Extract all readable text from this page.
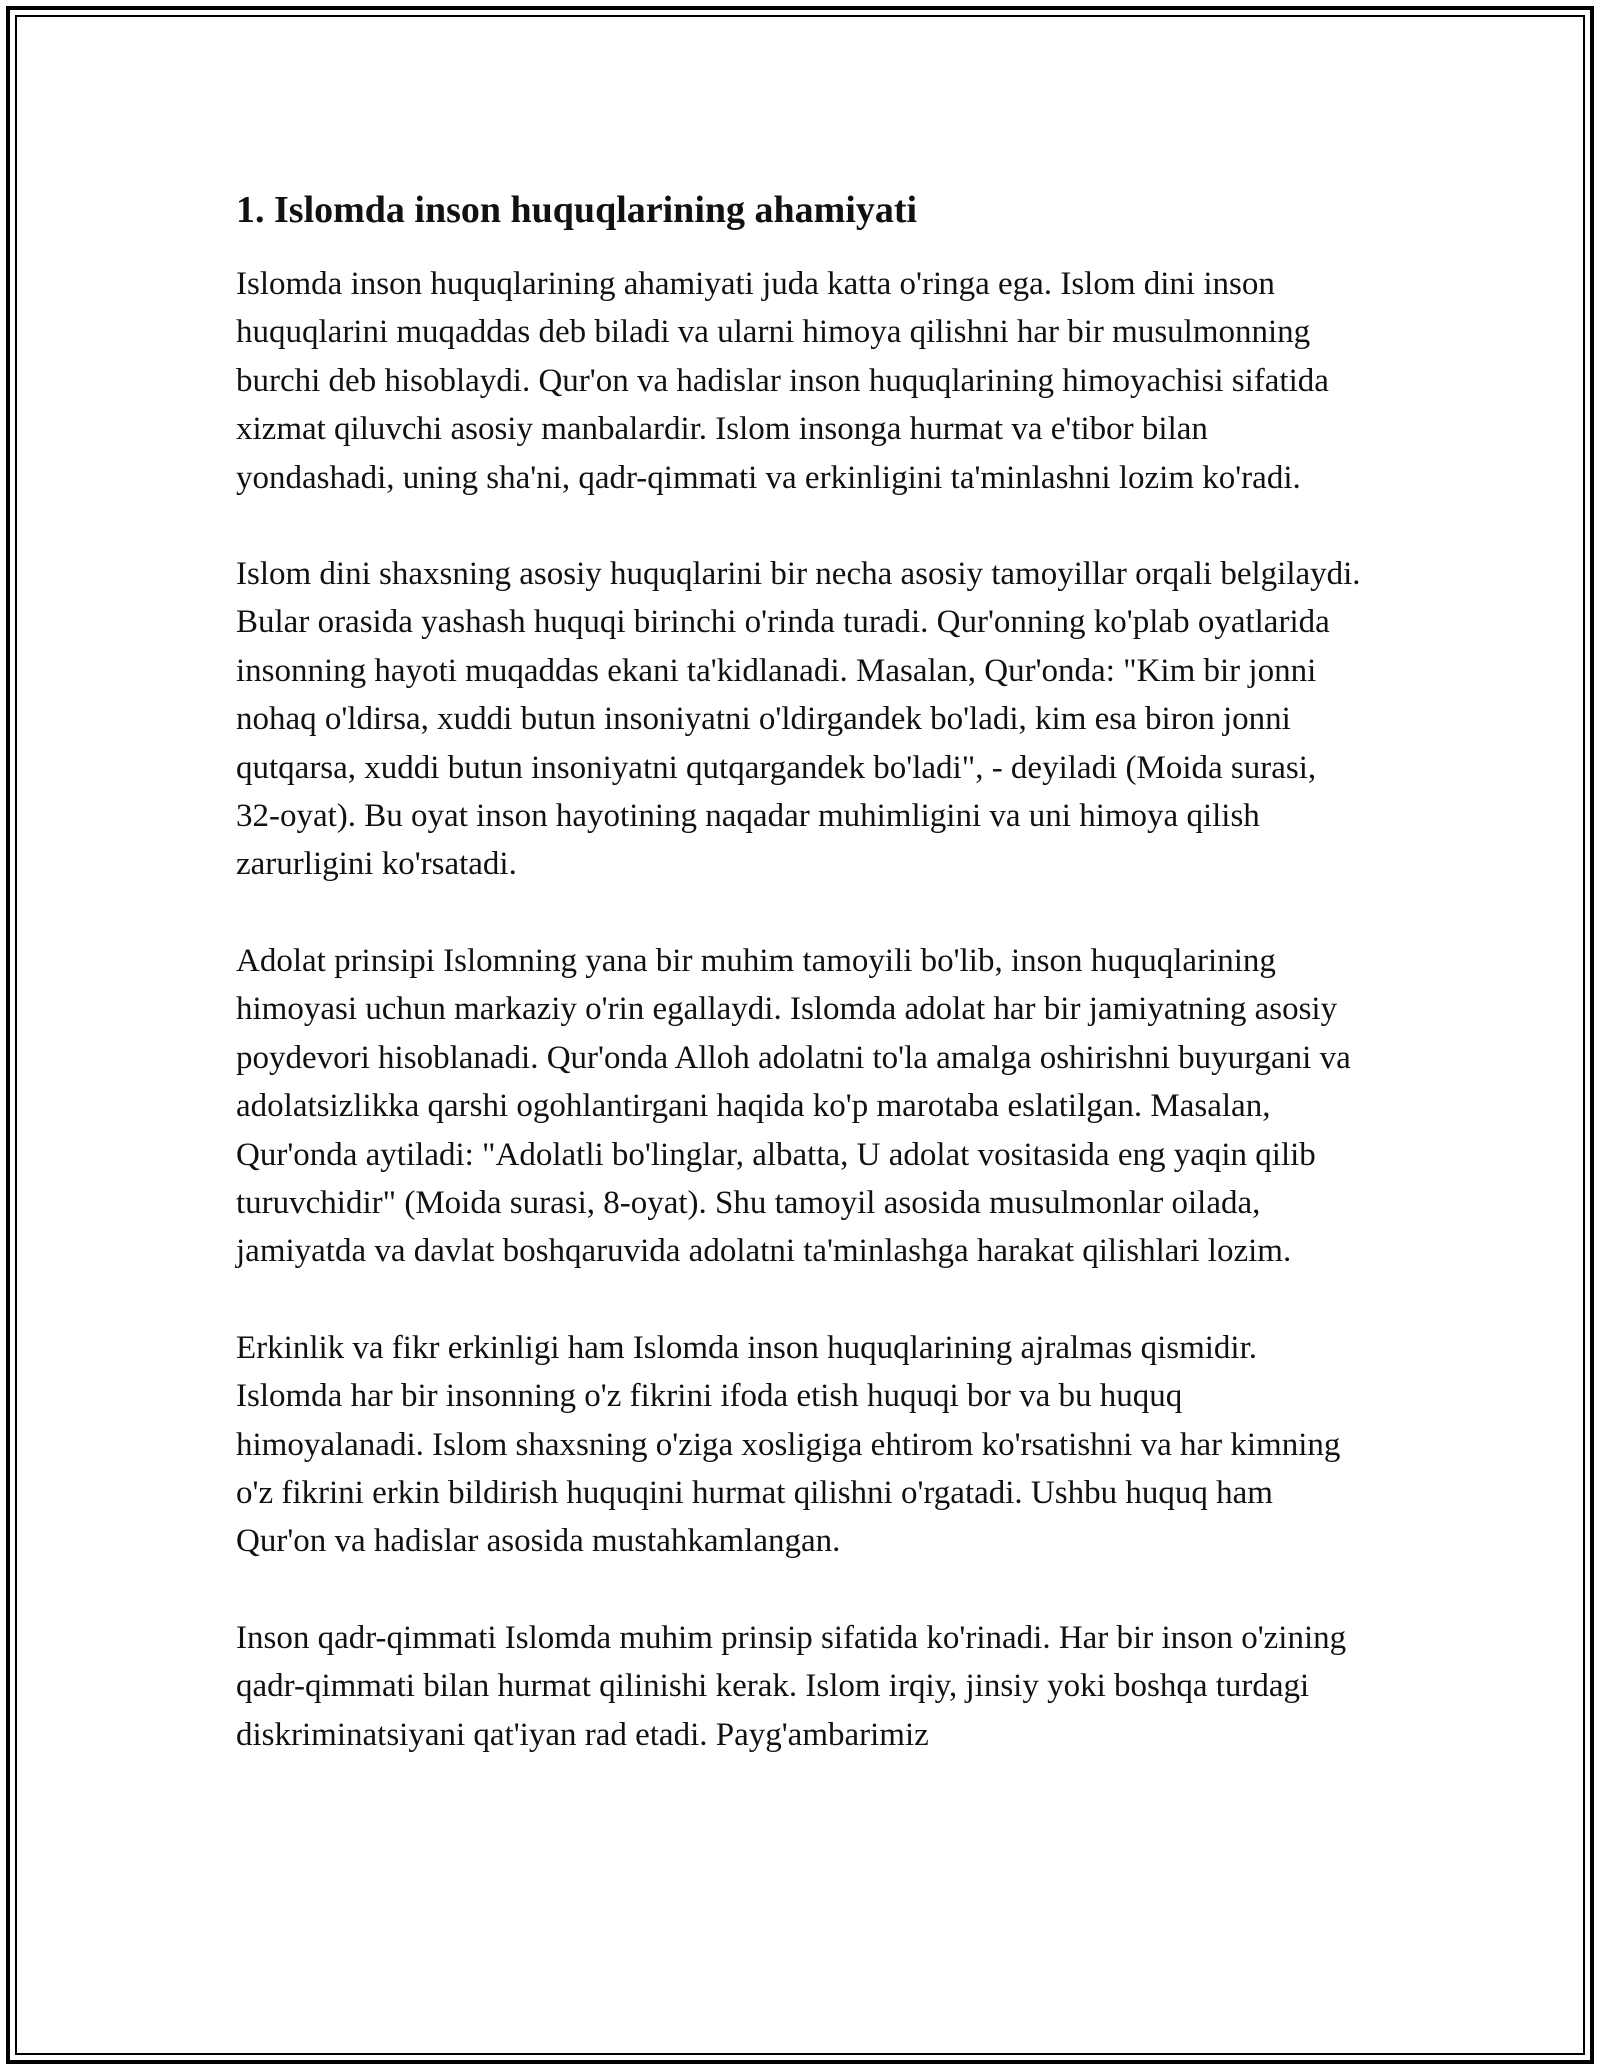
1. Islomda inson huquqlarining ahamiyati

Islomda inson huquqlarining ahamiyati juda katta o'ringa ega. Islom dini inson huquqlarini muqaddas deb biladi va ularni himoya qilishni har bir musulmonning burchi deb hisoblaydi. Qur'on va hadislar inson huquqlarining himoyachisi sifatida xizmat qiluvchi asosiy manbalardir. Islom insonga hurmat va e'tibor bilan yondashadi, uning sha'ni, qadr-qimmati va erkinligini ta'minlashni lozim ko'radi.

Islom dini shaxsning asosiy huquqlarini bir necha asosiy tamoyillar orqali belgilaydi. Bular orasida yashash huquqi birinchi o'rinda turadi. Qur'onning ko'plab oyatlarida insonning hayoti muqaddas ekani ta'kidlanadi. Masalan, Qur'onda: "Kim bir jonni nohaq o'ldirsa, xuddi butun insoniyatni o'ldirgandek bo'ladi, kim esa biron jonni qutqarsa, xuddi butun insoniyatni qutqargandek bo'ladi", - deyiladi (Moida surasi, 32-oyat). Bu oyat inson hayotining naqadar muhimligini va uni himoya qilish zarurligini ko'rsatadi.

Adolat prinsipi Islomning yana bir muhim tamoyili bo'lib, inson huquqlarining himoyasi uchun markaziy o'rin egallaydi. Islomda adolat har bir jamiyatning asosiy poydevori hisoblanadi. Qur'onda Alloh adolatni to'la amalga oshirishni buyurgani va adolatsizlikka qarshi ogohlantirgani haqida ko'p marotaba eslatilgan. Masalan, Qur'onda aytiladi: "Adolatli bo'linglar, albatta, U adolat vositasida eng yaqin qilib turuvchidir" (Moida surasi, 8-oyat). Shu tamoyil asosida musulmonlar oilada, jamiyatda va davlat boshqaruvida adolatni ta'minlashga harakat qilishlari lozim.

Erkinlik va fikr erkinligi ham Islomda inson huquqlarining ajralmas qismidir. Islomda har bir insonning o'z fikrini ifoda etish huquqi bor va bu huquq himoyalanadi. Islom shaxsning o'ziga xosligiga ehtirom ko'rsatishni va har kimning o'z fikrini erkin bildirish huquqini hurmat qilishni o'rgatadi. Ushbu huquq ham Qur'on va hadislar asosida mustahkamlangan.

Inson qadr-qimmati Islomda muhim prinsip sifatida ko'rinadi. Har bir inson o'zining qadr-qimmati bilan hurmat qilinishi kerak. Islom irqiy, jinsiy yoki boshqa turdagi diskriminatsiyani qat'iyan rad etadi. Payg'ambarimiz
